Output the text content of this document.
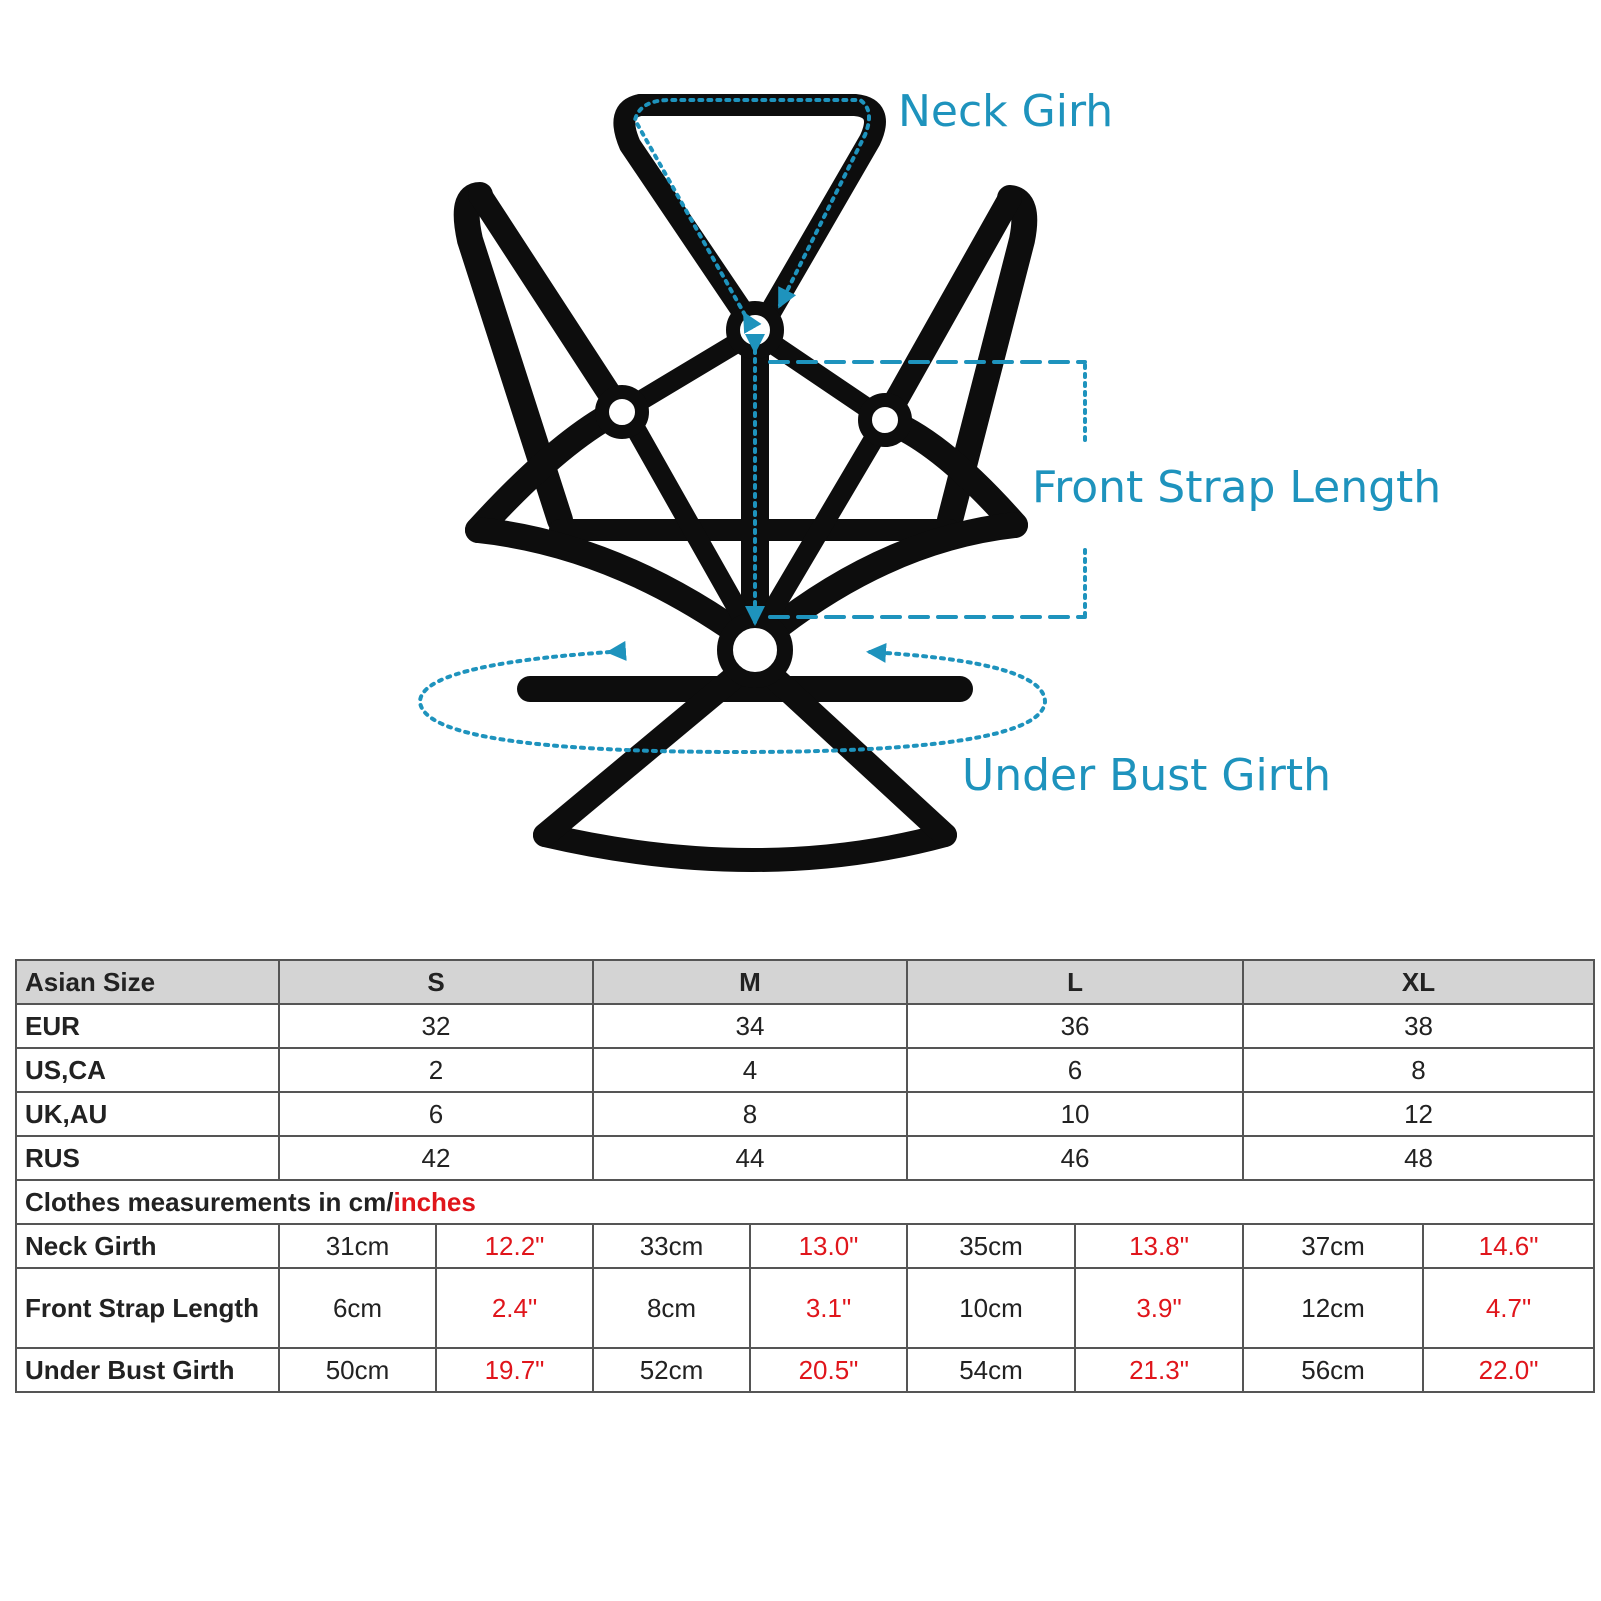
Neck Girh
Front Strap Length
Under Bust Girth
Asian Size	S		M		L		XL	
EUR	32		34		36		38	
US,CA	2		4		6		8	
UK,AU	6		8		10		12	
RUS	42		44		46		48	
Clothes measurements in cm/inches								
Neck Girth	31cm	12.2"	33cm	13.0"	35cm	13.8"	37cm	14.6"
Front Strap Length	6cm	2.4"	8cm	3.1"	10cm	3.9"	12cm	4.7"
Under Bust Girth	50cm	19.7"	52cm	20.5"	54cm	21.3"	56cm	22.0"
